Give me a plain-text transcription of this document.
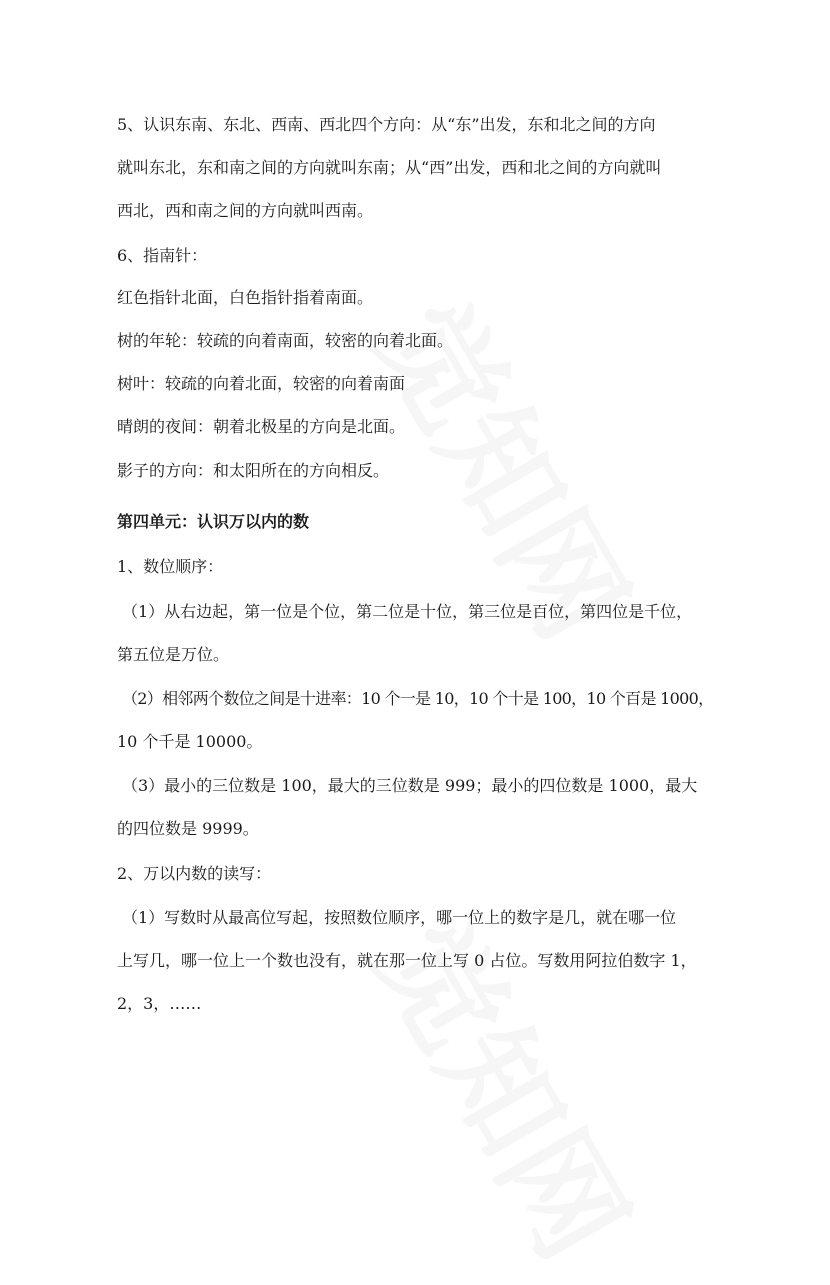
5、认识东南、东北、西南、西北四个方向：从“东”出发，东和北之间的方向
就叫东北，东和南之间的方向就叫东南；从“西”出发，西和北之间的方向就叫
西北，西和南之间的方向就叫西南。
6、指南针：
红色指针北面，白色指针指着南面。
树的年轮：较疏的向着南面，较密的向着北面。
树叶：较疏的向着北面，较密的向着南面
晴朗的夜间：朝着北极星的方向是北面。
影子的方向：和太阳所在的方向相反。
第四单元：认识万以内的数
1、数位顺序：
（1）从右边起，第一位是个位，第二位是十位，第三位是百位，第四位是千位，
第五位是万位。
（2）相邻两个数位之间是十进率：10 个一是 10，10 个十是 100，10 个百是 1000，
10 个千是 10000。
（3）最小的三位数是 100，最大的三位数是 999；最小的四位数是 1000，最大
的四位数是 9999。
2、万以内数的读写：
（1）写数时从最高位写起，按照数位顺序，哪一位上的数字是几，就在哪一位
上写几，哪一位上一个数也没有，就在那一位上写 0 占位。写数用阿拉伯数字 1，
2，3，……
